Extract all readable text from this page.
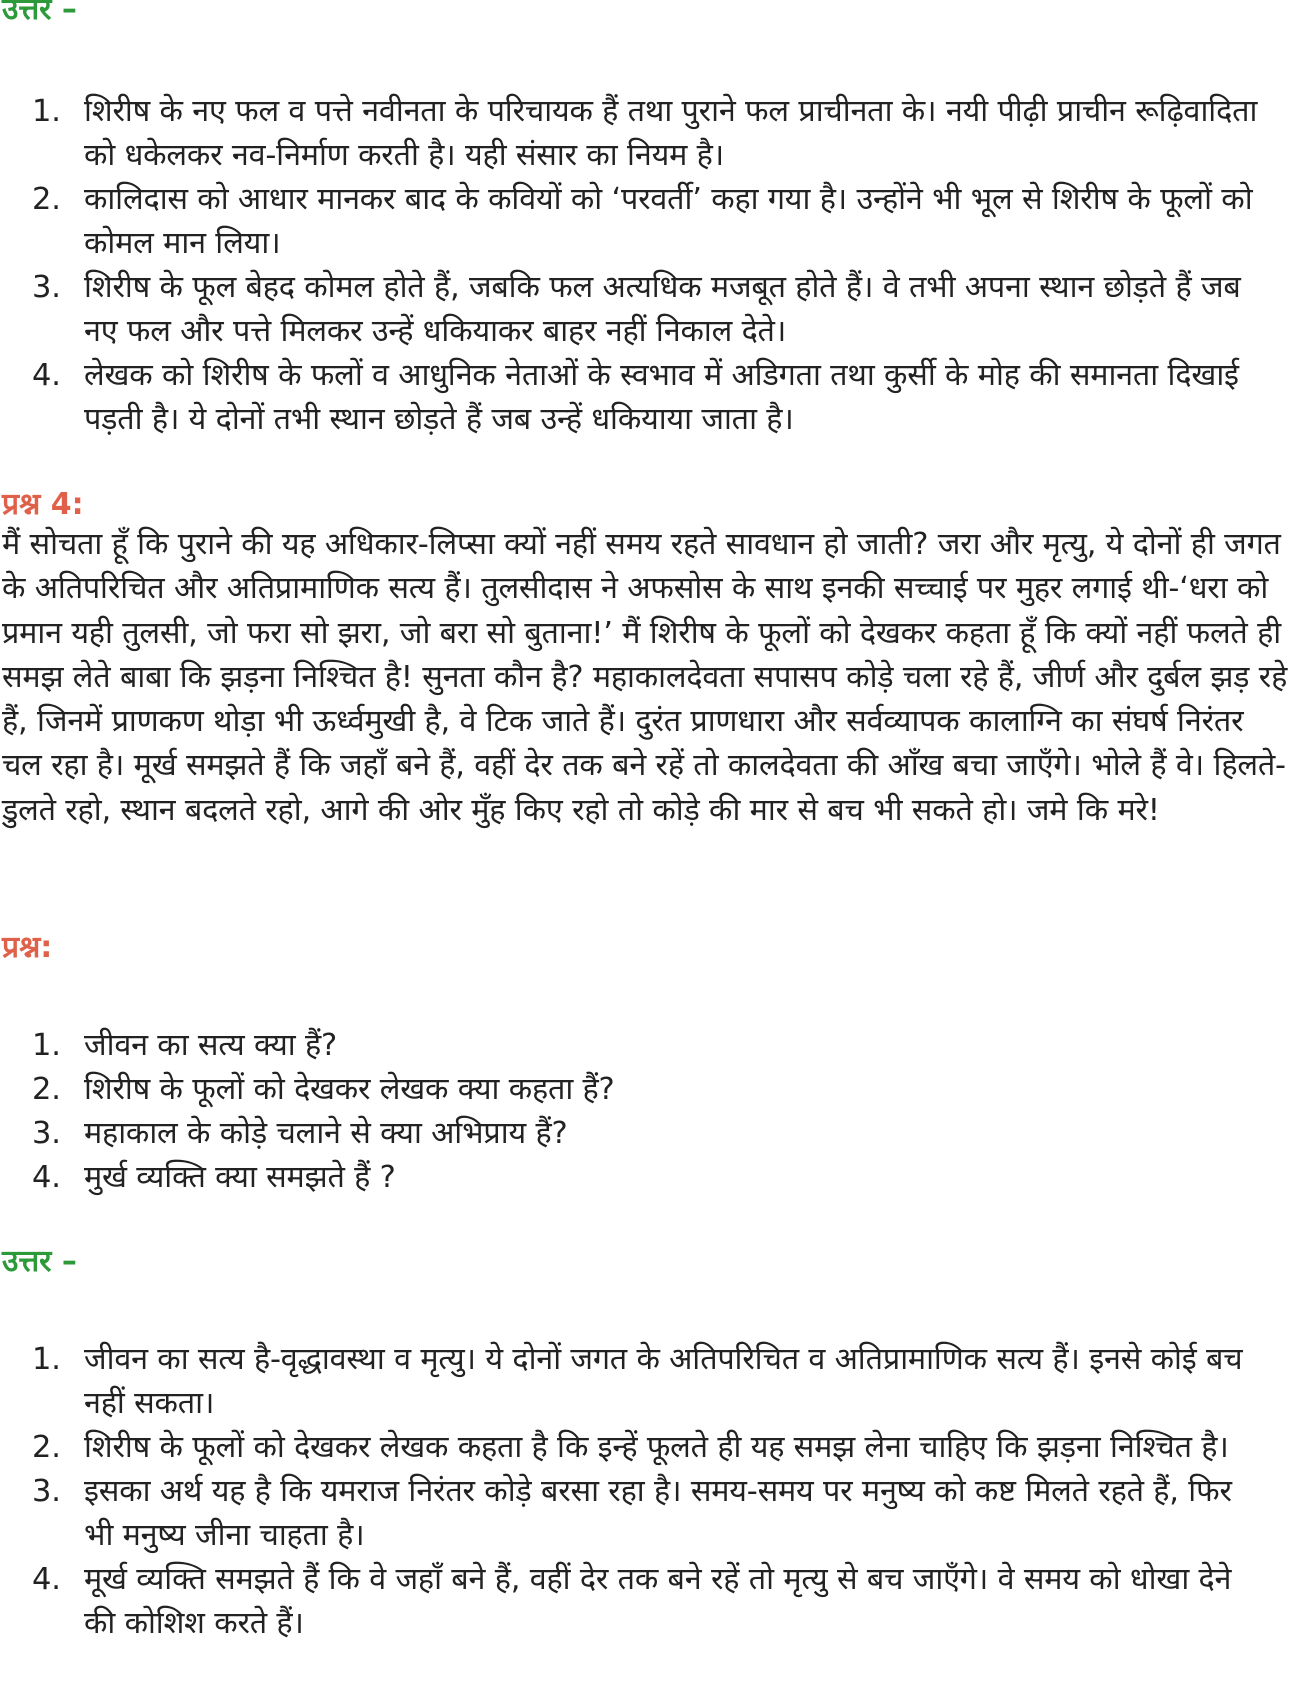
उत्तर –

1. शिरीष के नए फल व पत्ते नवीनता के परिचायक हैं तथा पुराने फल प्राचीनता के। नयी पीढ़ी प्राचीन रूढ़िवादिता को धकेलकर नव-निर्माण करती है। यही संसार का नियम है।
2. कालिदास को आधार मानकर बाद के कवियों को ‘परवर्ती’ कहा गया है। उन्होंने भी भूल से शिरीष के फूलों को कोमल मान लिया।
3. शिरीष के फूल बेहद कोमल होते हैं, जबकि फल अत्यधिक मजबूत होते हैं। वे तभी अपना स्थान छोड़ते हैं जब नए फल और पत्ते मिलकर उन्हें धकियाकर बाहर नहीं निकाल देते।
4. लेखक को शिरीष के फलों व आधुनिक नेताओं के स्वभाव में अडिगता तथा कुर्सी के मोह की समानता दिखाई पड़ती है। ये दोनों तभी स्थान छोड़ते हैं जब उन्हें धकियाया जाता है।

प्रश्न 4:

मैं सोचता हूँ कि पुराने की यह अधिकार-लिप्सा क्यों नहीं समय रहते सावधान हो जाती? जरा और मृत्यु, ये दोनों ही जगत के अतिपरिचित और अतिप्रामाणिक सत्य हैं। तुलसीदास ने अफसोस के साथ इनकी सच्चाई पर मुहर लगाई थी-‘धरा को प्रमान यही तुलसी, जो फरा सो झरा, जो बरा सो बुताना!’ मैं शिरीष के फूलों को देखकर कहता हूँ कि क्यों नहीं फलते ही समझ लेते बाबा कि झड़ना निश्चित है! सुनता कौन है? महाकालदेवता सपासप कोड़े चला रहे हैं, जीर्ण और दुर्बल झड़ रहे हैं, जिनमें प्राणकण थोड़ा भी ऊर्ध्वमुखी है, वे टिक जाते हैं। दुरंत प्राणधारा और सर्वव्यापक कालाग्नि का संघर्ष निरंतर चल रहा है। मूर्ख समझते हैं कि जहाँ बने हैं, वहीं देर तक बने रहें तो कालदेवता की आँख बचा जाएँगे। भोले हैं वे। हिलते-डुलते रहो, स्थान बदलते रहो, आगे की ओर मुँह किए रहो तो कोड़े की मार से बच भी सकते हो। जमे कि मरे!

प्रश्न:

1. जीवन का सत्य क्या हैं?
2. शिरीष के फूलों को देखकर लेखक क्या कहता हैं?
3. महाकाल के कोड़े चलाने से क्या अभिप्राय हैं?
4. मुर्ख व्यक्ति क्या समझते हैं ?

उत्तर –

1. जीवन का सत्य है-वृद्धावस्था व मृत्यु। ये दोनों जगत के अतिपरिचित व अतिप्रामाणिक सत्य हैं। इनसे कोई बच नहीं सकता।
2. शिरीष के फूलों को देखकर लेखक कहता है कि इन्हें फूलते ही यह समझ लेना चाहिए कि झड़ना निश्चित है।
3. इसका अर्थ यह है कि यमराज निरंतर कोड़े बरसा रहा है। समय-समय पर मनुष्य को कष्ट मिलते रहते हैं, फिर भी मनुष्य जीना चाहता है।
4. मूर्ख व्यक्ति समझते हैं कि वे जहाँ बने हैं, वहीं देर तक बने रहें तो मृत्यु से बच जाएँगे। वे समय को धोखा देने की कोशिश करते हैं।
